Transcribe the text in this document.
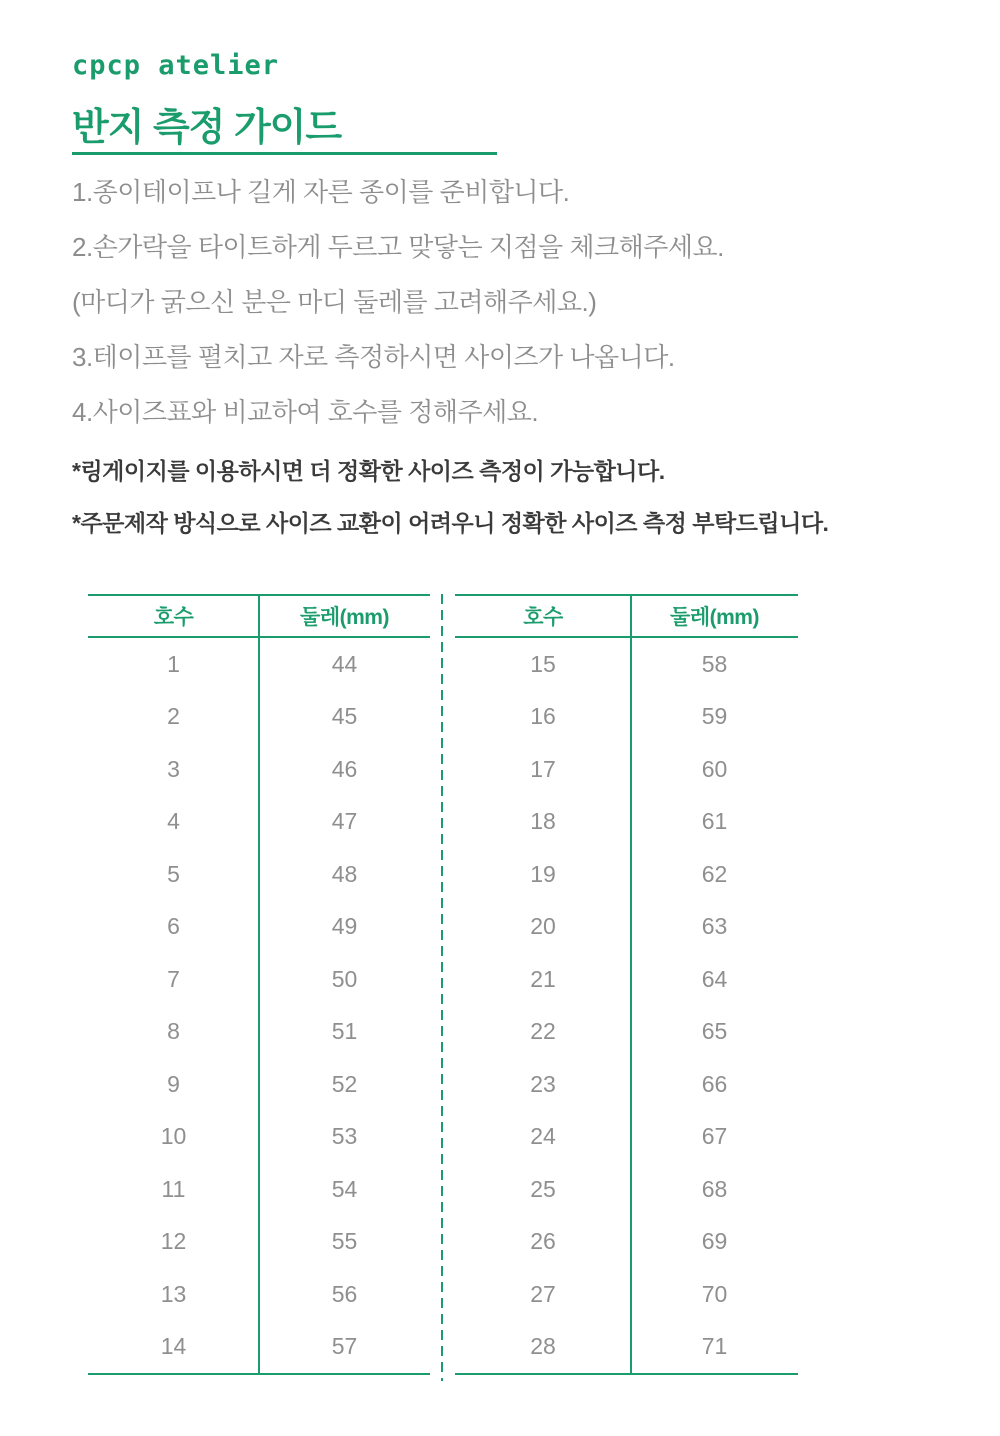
cpcp atelier
반지 측정 가이드

1.종이테이프나 길게 자른 종이를 준비합니다.

2.손가락을 타이트하게 두르고 맞닿는 지점을 체크해주세요.

(마디가 굵으신 분은 마디 둘레를 고려해주세요.)

3.테이프를 펼치고 자로 측정하시면 사이즈가 나옵니다.

4.사이즈표와 비교하여 호수를 정해주세요.

*링게이지를 이용하시면 더 정확한 사이즈 측정이 가능합니다.

*주문제작 방식으로 사이즈 교환이 어려우니 정확한 사이즈 측정 부탁드립니다.

호수	둘레(mm)
1	44
2	45
3	46
4	47
5	48
6	49
7	50
8	51
9	52
10	53
11	54
12	55
13	56
14	57
호수	둘레(mm)
15	58
16	59
17	60
18	61
19	62
20	63
21	64
22	65
23	66
24	67
25	68
26	69
27	70
28	71
